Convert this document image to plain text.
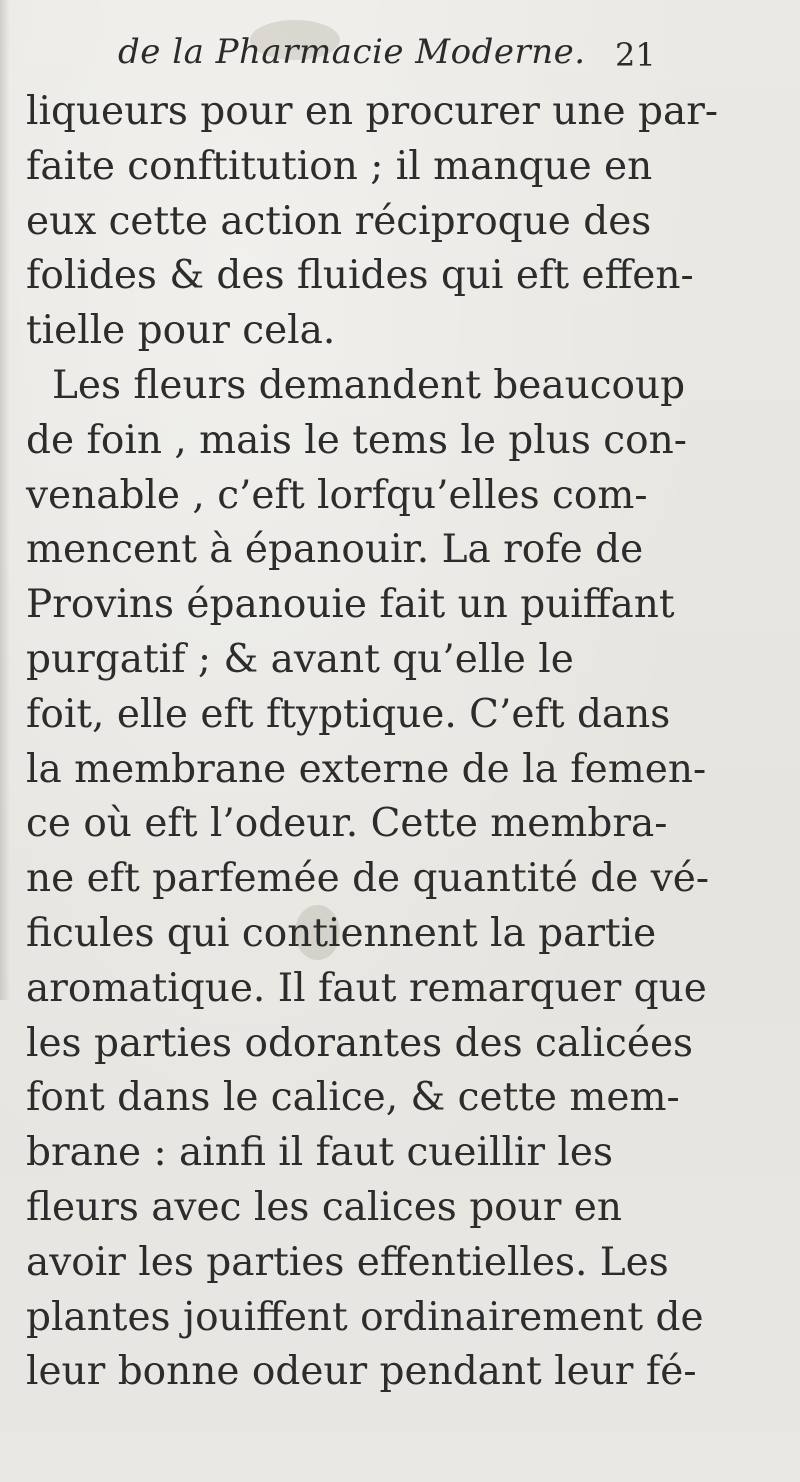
de la Pharmacie Moderne. 21
liqueurs pour en procurer une par-
faite conftitution ; il manque en
eux cette action réciproque des
folides & des fluides qui eft effen-
tielle pour cela.
Les fleurs demandent beaucoup
de foin , mais le tems le plus con-
venable , c’eft lorfqu’elles com-
mencent à épanouir. La rofe de
Provins épanouie fait un puiffant
purgatif ; & avant qu’elle le
foit, elle eft ftyptique. C’eft dans
la membrane externe de la femen-
ce où eft l’odeur. Cette membra-
ne eft parfemée de quantité de vé-
ficules qui contiennent la partie
aromatique. Il faut remarquer que
les parties odorantes des calicées
font dans le calice, & cette mem-
brane : ainfi il faut cueillir les
fleurs avec les calices pour en
avoir les parties effentielles. Les
plantes jouiffent ordinairement de
leur bonne odeur pendant leur fé-
